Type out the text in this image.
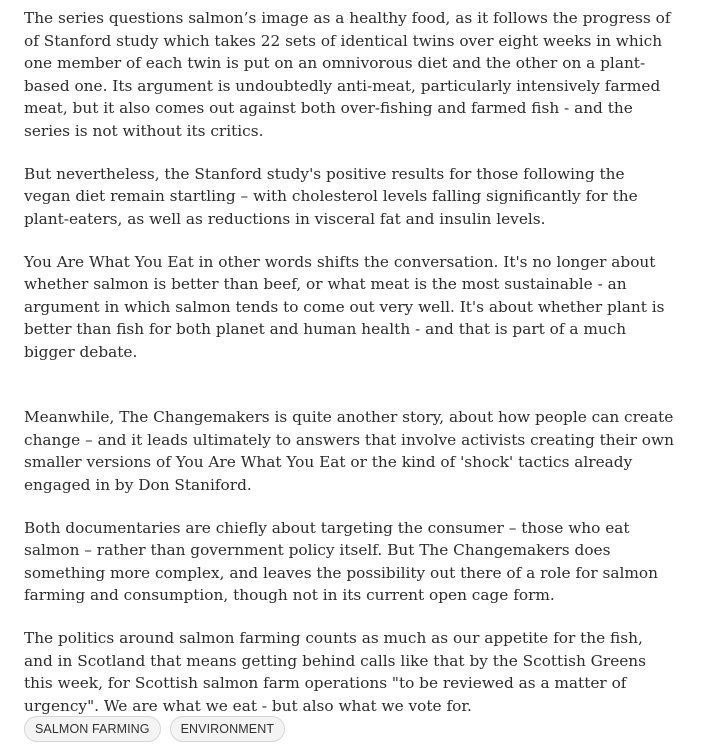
The series questions salmon’s image as a healthy food, as it follows the progress of of Stanford study which takes 22 sets of identical twins over eight weeks in which one member of each twin is put on an omnivorous diet and the other on a plant-based one. Its argument is undoubtedly anti-meat, particularly intensively farmed meat, but it also comes out against both over-fishing and farmed fish - and the series is not without its critics.

But nevertheless, the Stanford study's positive results for those following the vegan diet remain startling – with cholesterol levels falling significantly for the plant-eaters, as well as reductions in visceral fat and insulin levels.

You Are What You Eat in other words shifts the conversation. It's no longer about whether salmon is better than beef, or what meat is the most sustainable - an argument in which salmon tends to come out very well. It's about whether plant is better than fish for both planet and human health - and that is part of a much bigger debate.

Meanwhile, The Changemakers is quite another story, about how people can create change – and it leads ultimately to answers that involve activists creating their own smaller versions of You Are What You Eat or the kind of 'shock' tactics already engaged in by Don Staniford.

Both documentaries are chiefly about targeting the consumer – those who eat salmon – rather than government policy itself. But The Changemakers does something more complex, and leaves the possibility out there of a role for salmon farming and consumption, though not in its current open cage form.

The politics around salmon farming counts as much as our appetite for the fish, and in Scotland that means getting behind calls like that by the Scottish Greens this week, for Scottish salmon farm operations "to be reviewed as a matter of urgency". We are what we eat - but also what we vote for.

SALMON FARMING	ENVIRONMENT
